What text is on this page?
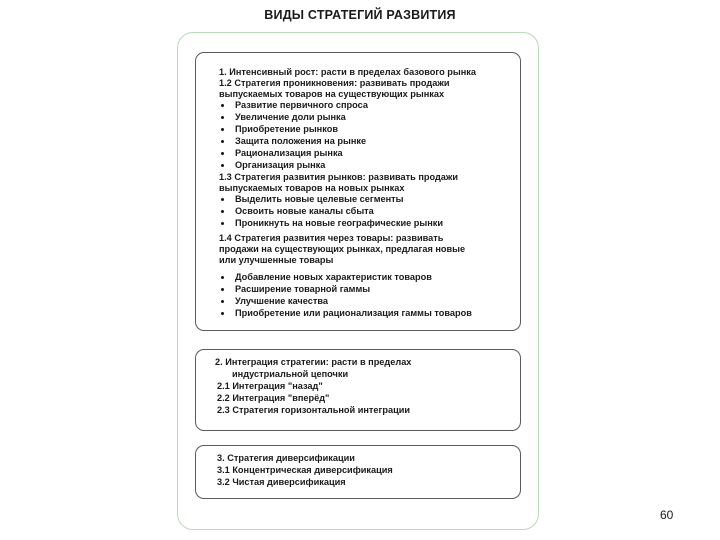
ВИДЫ СТРАТЕГИЙ РАЗВИТИЯ
1. Интенсивный рост: расти в пределах базового рынка
1.2 Стратегия проникновения: развивать продажи
выпускаемых товаров на существующих рынках
Развитие первичного спроса
Увеличение доли рынка
Приобретение рынков
Защита положения на рынке
Рационализация рынка
Организация рынка
1.3 Стратегия развития рынков: развивать продажи
выпускаемых товаров на новых рынках
Выделить новые целевые сегменты
Освоить новые каналы сбыта
Проникнуть на новые географические рынки
1.4 Стратегия развития через товары: развивать
продажи на существующих рынках, предлагая новые
или улучшенные товары
Добавление новых характеристик товаров
Расширение товарной гаммы
Улучшение качества
Приобретение или рационализация гаммы товаров
2. Интеграция стратегии: расти в пределах
индустриальной цепочки
2.1 Интеграция "назад"
2.2 Интеграция "вперёд"
2.3 Стратегия горизонтальной интеграции
3. Стратегия диверсификации
3.1 Концентрическая диверсификация
3.2 Чистая диверсификация
60
